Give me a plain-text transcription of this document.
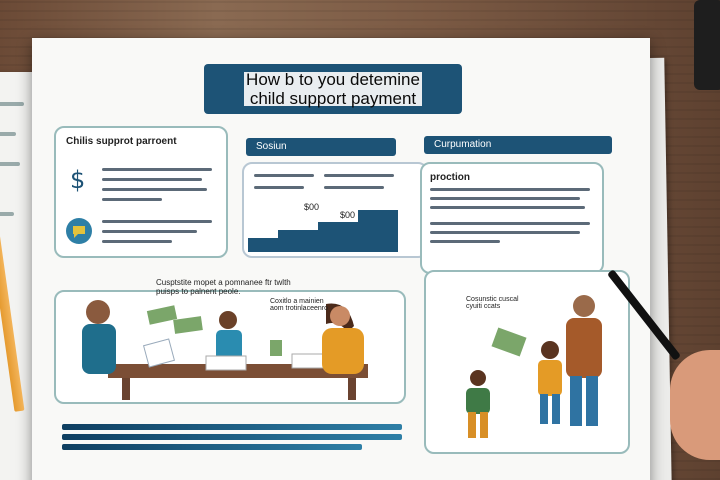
How b to you detemine
child support payment
Chilis supprot parroent
$
Sosiun
$00
$00
Curpumation
proction
Cusptstite mopet a pomnanee ftr twlth puisps to palnent peole.
Coxitlo a mainien aom trotinlaceenro
Cosunstic cuscal cyuiti ccats
